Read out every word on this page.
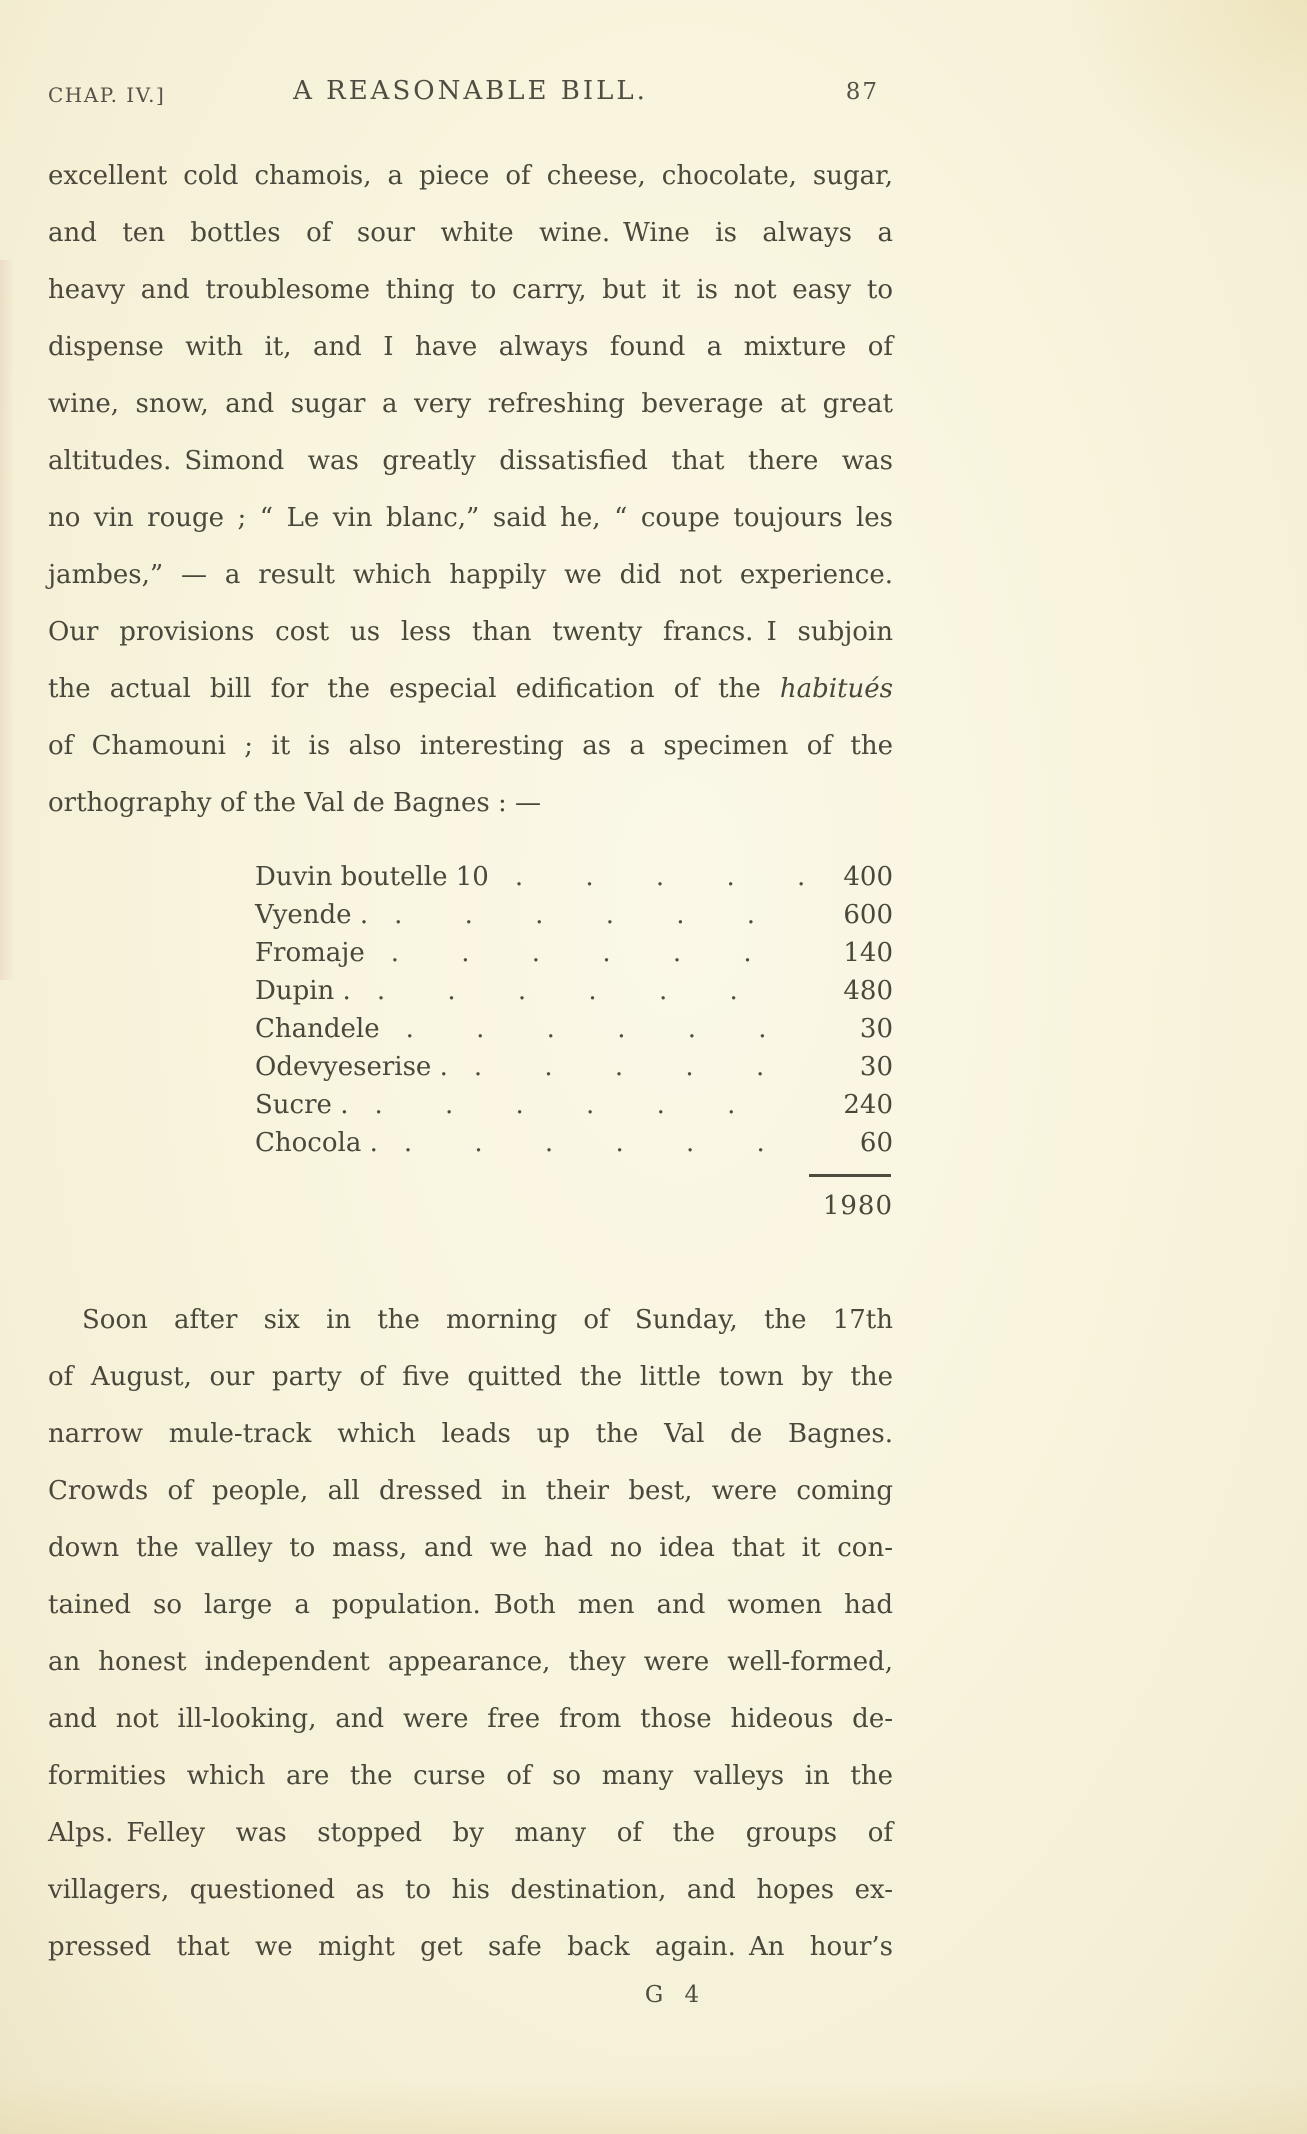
CHAP. IV.]	A REASONABLE BILL.	87
excellent cold chamois, a piece of cheese, chocolate, sugar,
and ten bottles of sour white wine. Wine is always a
heavy and troublesome thing to carry, but it is not easy to
dispense with it, and I have always found a mixture of
wine, snow, and sugar a very refreshing beverage at great
altitudes. Simond was greatly dissatisfied that there was
no vin rouge ; “ Le vin blanc,” said he, “ coupe toujours les
jambes,” — a result which happily we did not experience.
Our provisions cost us less than twenty francs. I subjoin
the actual bill for the especial edification of the habitués
of Chamouni ; it is also interesting as a specimen of the
orthography of the Val de Bagnes : —
Duvin boutelle 10	. . . . .	400
Vyende .	. . . . . .	600
Fromaje	. . . . . .	140
Dupin .	. . . . . .	480
Chandele	. . . . . .	30
Odevyeserise .	. . . . .	30
Sucre .	. . . . . .	240
Chocola .	. . . . . .	60
1980
Soon after six in the morning of Sunday, the 17th
of August, our party of five quitted the little town by the
narrow mule-track which leads up the Val de Bagnes.
Crowds of people, all dressed in their best, were coming
down the valley to mass, and we had no idea that it con-
tained so large a population. Both men and women had
an honest independent appearance, they were well-formed,
and not ill-looking, and were free from those hideous de-
formities which are the curse of so many valleys in the
Alps. Felley was stopped by many of the groups of
villagers, questioned as to his destination, and hopes ex-
pressed that we might get safe back again. An hour’s
G 4
